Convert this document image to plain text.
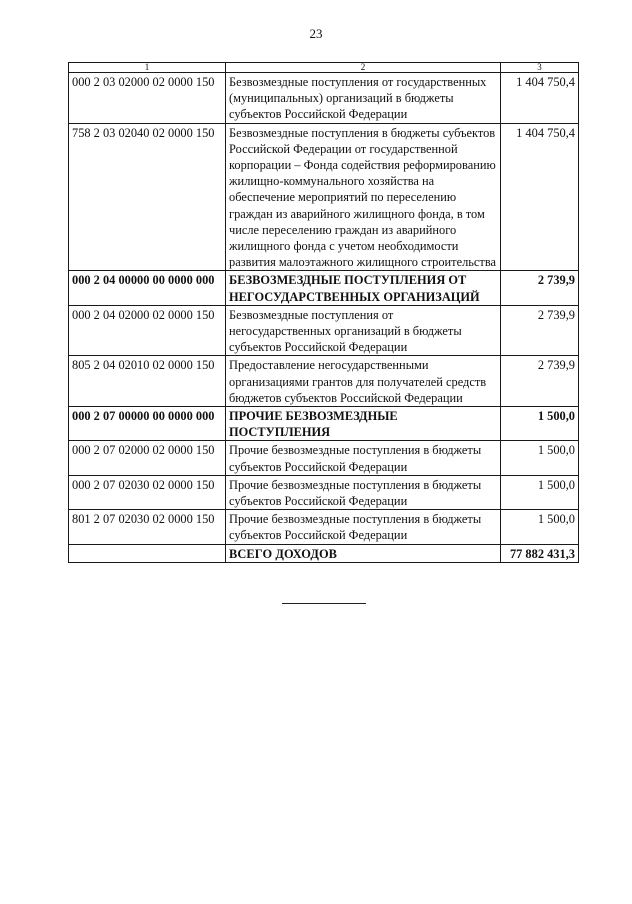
23
1	2	3
000 2 03 02000 02 0000 150	Безвозмездные поступления от государственных (муниципальных) организаций в бюджеты субъектов Российской Федерации	1 404 750,4
758 2 03 02040 02 0000 150	Безвозмездные поступления в бюджеты субъектов Российской Федерации от государственной корпорации – Фонда содействия реформированию жилищно-коммунального хозяйства на обеспечение мероприятий по переселению граждан из аварийного жилищного фонда, в том числе переселению граждан из аварийного жилищного фонда с учетом необходимости развития малоэтажного жилищного строительства	1 404 750,4
000 2 04 00000 00 0000 000	БЕЗВОЗМЕЗДНЫЕ ПОСТУПЛЕНИЯ ОТ НЕГОСУДАРСТВЕННЫХ ОРГАНИЗАЦИЙ	2 739,9
000 2 04 02000 02 0000 150	Безвозмездные поступления от негосударственных организаций в бюджеты субъектов Российской Федерации	2 739,9
805 2 04 02010 02 0000 150	Предоставление негосударственными организациями грантов для получателей средств бюджетов субъектов Российской Федерации	2 739,9
000 2 07 00000 00 0000 000	ПРОЧИЕ БЕЗВОЗМЕЗДНЫЕ ПОСТУПЛЕНИЯ	1 500,0
000 2 07 02000 02 0000 150	Прочие безвозмездные поступления в бюджеты субъектов Российской Федерации	1 500,0
000 2 07 02030 02 0000 150	Прочие безвозмездные поступления в бюджеты субъектов Российской Федерации	1 500,0
801 2 07 02030 02 0000 150	Прочие безвозмездные поступления в бюджеты субъектов Российской Федерации	1 500,0
	ВСЕГО ДОХОДОВ	77 882 431,3
